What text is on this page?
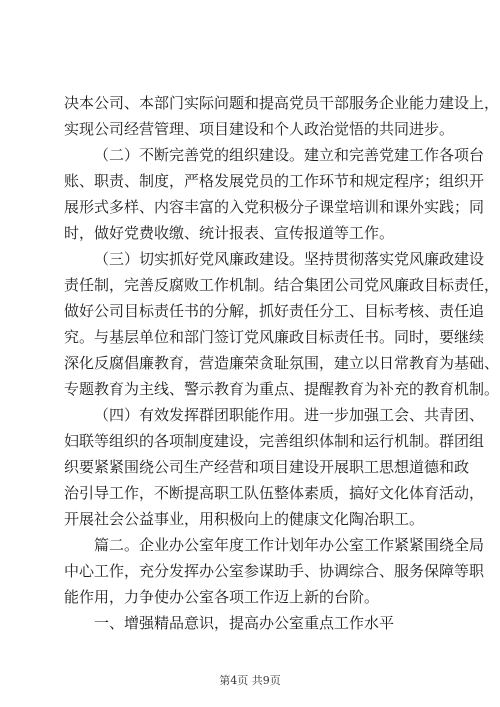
决本公司、本部门实际问题和提高党员干部服务企业能力建设上，
实现公司经营管理、项目建设和个人政治觉悟的共同进步。
（二）不断完善党的组织建设。建立和完善党建工作各项台
账、职责、制度，严格发展党员的工作环节和规定程序；组织开
展形式多样、内容丰富的入党积极分子课堂培训和课外实践；同
时，做好党费收缴、统计报表、宣传报道等工作。
（三）切实抓好党风廉政建设。坚持贯彻落实党风廉政建设
责任制，完善反腐败工作机制。结合集团公司党风廉政目标责任，
做好公司目标责任书的分解，抓好责任分工、目标考核、责任追
究。与基层单位和部门签订党风廉政目标责任书。同时，要继续
深化反腐倡廉教育，营造廉荣贪耻氛围，建立以日常教育为基础、
专题教育为主线、警示教育为重点、提醒教育为补充的教育机制。
（四）有效发挥群团职能作用。进一步加强工会、共青团、
妇联等组织的各项制度建设，完善组织体制和运行机制。群团组
织要紧紧围绕公司生产经营和项目建设开展职工思想道德和政
治引导工作，不断提高职工队伍整体素质，搞好文化体育活动，
开展社会公益事业，用积极向上的健康文化陶冶职工。
篇二。企业办公室年度工作计划年办公室工作紧紧围绕全局
中心工作，充分发挥办公室参谋助手、协调综合、服务保障等职
能作用，力争使办公室各项工作迈上新的台阶。
一、增强精品意识，提高办公室重点工作水平
第4页 共9页
